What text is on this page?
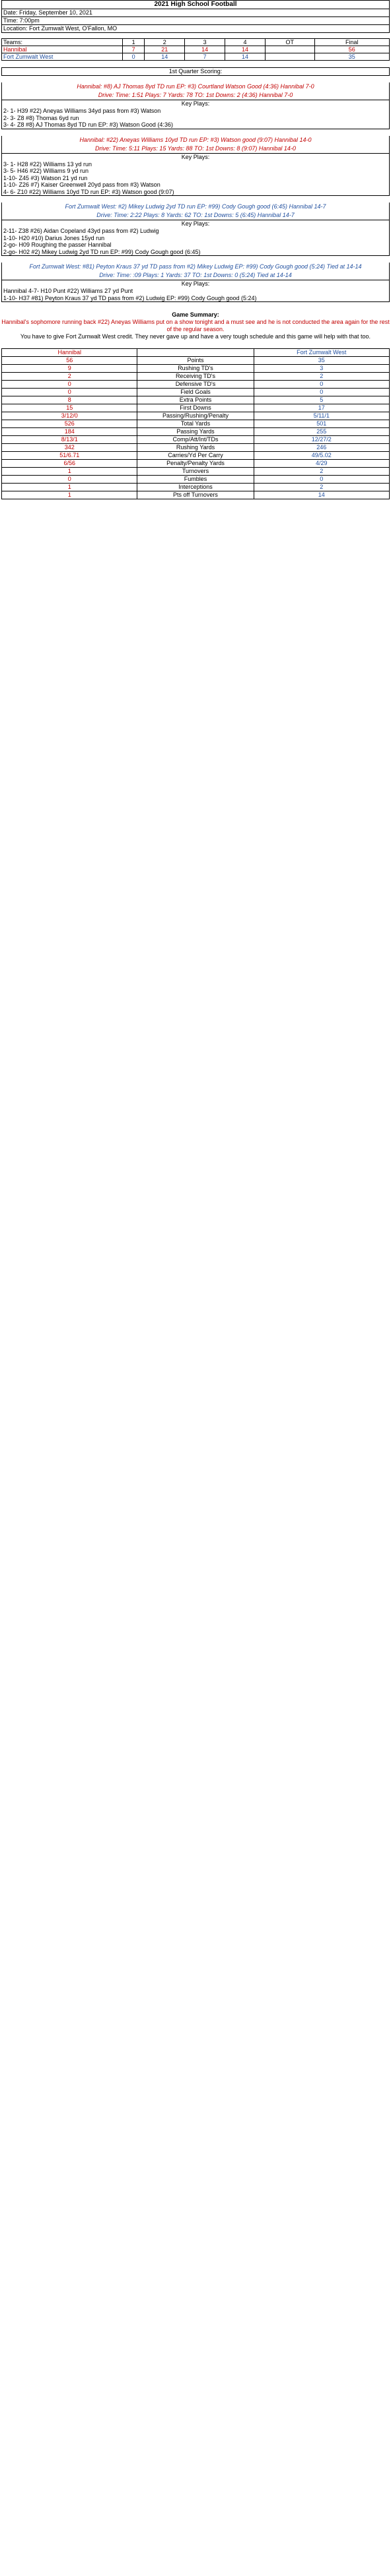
2021 High School Football
Date: Friday, September 10, 2021
Time: 7:00pm
Location: Fort Zumwalt West, O'Fallon, MO
Teams:	1	2	3	4	OT	Final
Hannibal	7	21	14	14		56
Fort Zumwalt West	0	14	7	14		35
1st Quarter Scoring:
Hannibal: #8) AJ Thomas 8yd TD run EP: #3) Courtland Watson Good (4:36) Hannibal 7-0
Drive: Time: 1:51 Plays: 7 Yards: 78 TO: 1st Downs: 2 (4:36) Hannibal 7-0
Key Plays:
2- 1- H39 #22) Aneyas Williams 34yd pass from #3) Watson
2- 3- Z8 #8) Thomas 6yd run
3- 4- Z8 #8) AJ Thomas 8yd TD run EP: #3) Watson Good (4:36)
Hannibal: #22) Aneyas Williams 10yd TD run EP: #3) Watson good (9:07) Hannibal 14-0
Drive: Time: 5:11 Plays: 15 Yards: 88 TO: 1st Downs: 8 (9:07) Hannibal 14-0
Key Plays:
3- 1- H28 #22) Williams 13 yd run
3- 5- H46 #22) Williams 9 yd run
1-10- Z45 #3) Watson 21 yd run
1-10- Z26 #7) Kaiser Greenwell 20yd pass from #3) Watson
4- 6- Z10 #22) Williams 10yd TD run EP: #3) Watson good (9:07)
Fort Zumwalt West: #2) Mikey Ludwig 2yd TD run EP: #99) Cody Gough good (6:45) Hannibal 14-7
Drive: Time: 2:22 Plays: 8 Yards: 62 TO: 1st Downs: 5 (6:45) Hannibal 14-7
Key Plays:
2-11- Z38 #26) Aidan Copeland 43yd pass from #2) Ludwig
1-10- H20 #10) Darius Jones 15yd run
2-go- H09 Roughing the passer Hannibal
2-go- H02 #2) Mikey Ludwig 2yd TD run EP: #99) Cody Gough good (6:45)
Fort Zumwalt West: #81) Peyton Kraus 37 yd TD pass from #2) Mikey Ludwig EP: #99) Cody Gough good (5:24) Tied at 14-14
Drive: Time: :09 Plays: 1 Yards: 37 TO: 1st Downs: 0 (5:24) Tied at 14-14
Key Plays:
Hannibal 4-7- H10 Punt #22) Williams 27 yd Punt
1-10- H37 #81) Peyton Kraus 37 yd TD pass from #2) Ludwig EP: #99) Cody Gough good (5:24)
Game Summary:
Hannibal's sophomore running back #22) Aneyas Williams put on a show tonight and a must see and he is not conducted the area again for the rest of the regular season.
You have to give Fort Zumwalt West credit. They never gave up and have a very tough schedule and this game will help with that too.
Hannibal		Fort Zumwalt West
56	Points	35
9	Rushing TD's	3
2	Receiving TD's	2
0	Defensive TD's	0
0	Field Goals	0
8	Extra Points	5
15	First Downs	17
3/12/0	Passing/Rushing/Penalty	5/11/1
526	Total Yards	501
184	Passing Yards	255
8/13/1	Comp/Att/Int/TDs	12/27/2
342	Rushing Yards	246
51/6.71	Carries/Yd Per Carry	49/5.02
6/56	Penalty/Penalty Yards	4/29
1	Turnovers	2
0	Fumbles	0
1	Interceptions	2
1	Pts off Turnovers	14
